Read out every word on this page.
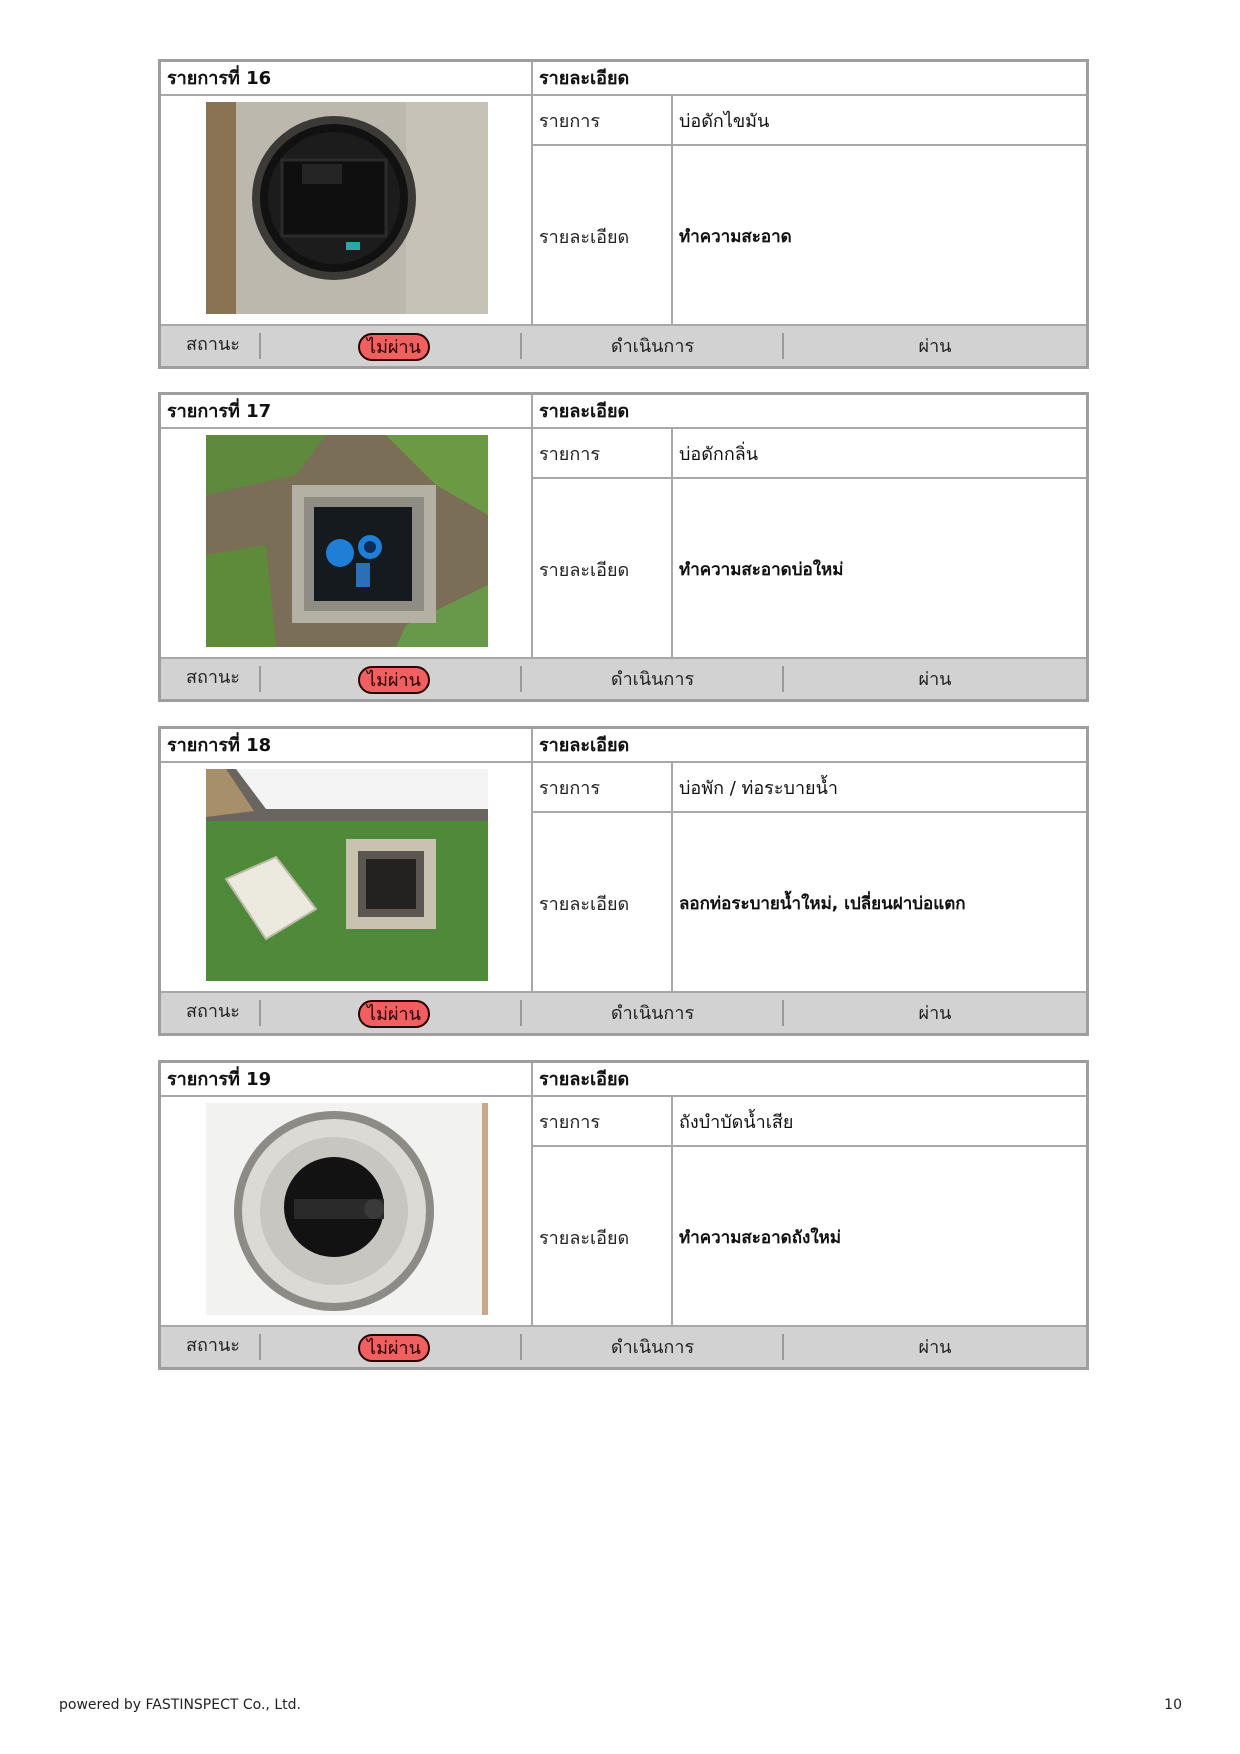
รายการที่ 16	รายละเอียด
รายการ	บ่อดักไขมัน
รายละเอียด	ทำความสะอาด
สถานะ	ไม่ผ่าน	ดำเนินการ	ผ่าน
รายการที่ 17	รายละเอียด
รายการ	บ่อดักกลิ่น
รายละเอียด	ทำความสะอาดบ่อใหม่
สถานะ	ไม่ผ่าน	ดำเนินการ	ผ่าน
รายการที่ 18	รายละเอียด
รายการ	บ่อพัก / ท่อระบายน้ำ
รายละเอียด	ลอกท่อระบายน้ำใหม่, เปลี่ยนฝาบ่อแตก
สถานะ	ไม่ผ่าน	ดำเนินการ	ผ่าน
รายการที่ 19	รายละเอียด
รายการ	ถังบำบัดน้ำเสีย
รายละเอียด	ทำความสะอาดถังใหม่
สถานะ	ไม่ผ่าน	ดำเนินการ	ผ่าน
powered by FASTINSPECT Co., Ltd.	10
